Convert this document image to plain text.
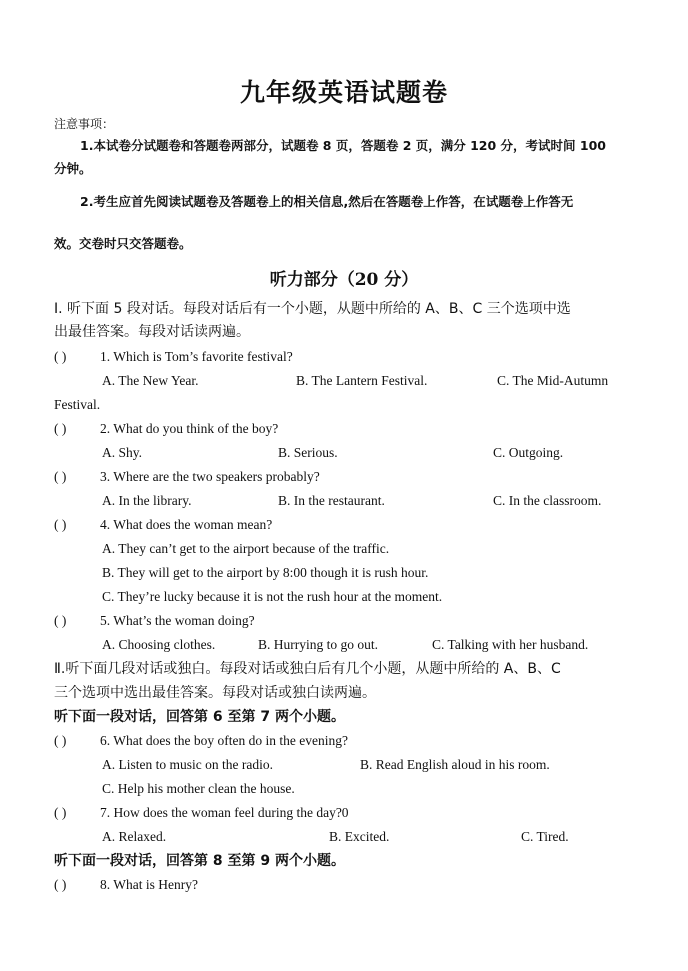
九年级英语试题卷
注意事项：
1.本试卷分试题卷和答题卷两部分，试题卷 8 页，答题卷 2 页，满分 120 分，考试时间 100
分钟。
2.考生应首先阅读试题卷及答题卷上的相关信息,然后在答题卷上作答，在试题卷上作答无
效。交卷时只交答题卷。
听力部分（20 分）
Ⅰ. 听下面 5 段对话。每段对话后有一个小题，从题中所给的 A、B、C 三个选项中选
出最佳答案。每段对话读两遍。
( ) 1. Which is Tom’s favorite festival?
A. The New Year.	B. The Lantern Festival.	C. The Mid-Autumn
Festival.
( ) 2. What do you think of the boy?
A. Shy.	B. Serious.	C. Outgoing.
( ) 3. Where are the two speakers probably?
A. In the library.	B. In the restaurant.	C. In the classroom.
( ) 4. What does the woman mean?
A. They can’t get to the airport because of the traffic.
B. They will get to the airport by 8:00 though it is rush hour.
C. They’re lucky because it is not the rush hour at the moment.
( ) 5. What’s the woman doing?
A. Choosing clothes.	B. Hurrying to go out.	C. Talking with her husband.
Ⅱ.听下面几段对话或独白。每段对话或独白后有几个小题，从题中所给的 A、B、C
三个选项中选出最佳答案。每段对话或独白读两遍。
听下面一段对话，回答第 6 至第 7 两个小题。
( ) 6. What does the boy often do in the evening?
A. Listen to music on the radio.	B. Read English aloud in his room.
C. Help his mother clean the house.
( ) 7. How does the woman feel during the day?0
A. Relaxed.	B. Excited.	C. Tired.
听下面一段对话，回答第 8 至第 9 两个小题。
( ) 8. What is Henry?
